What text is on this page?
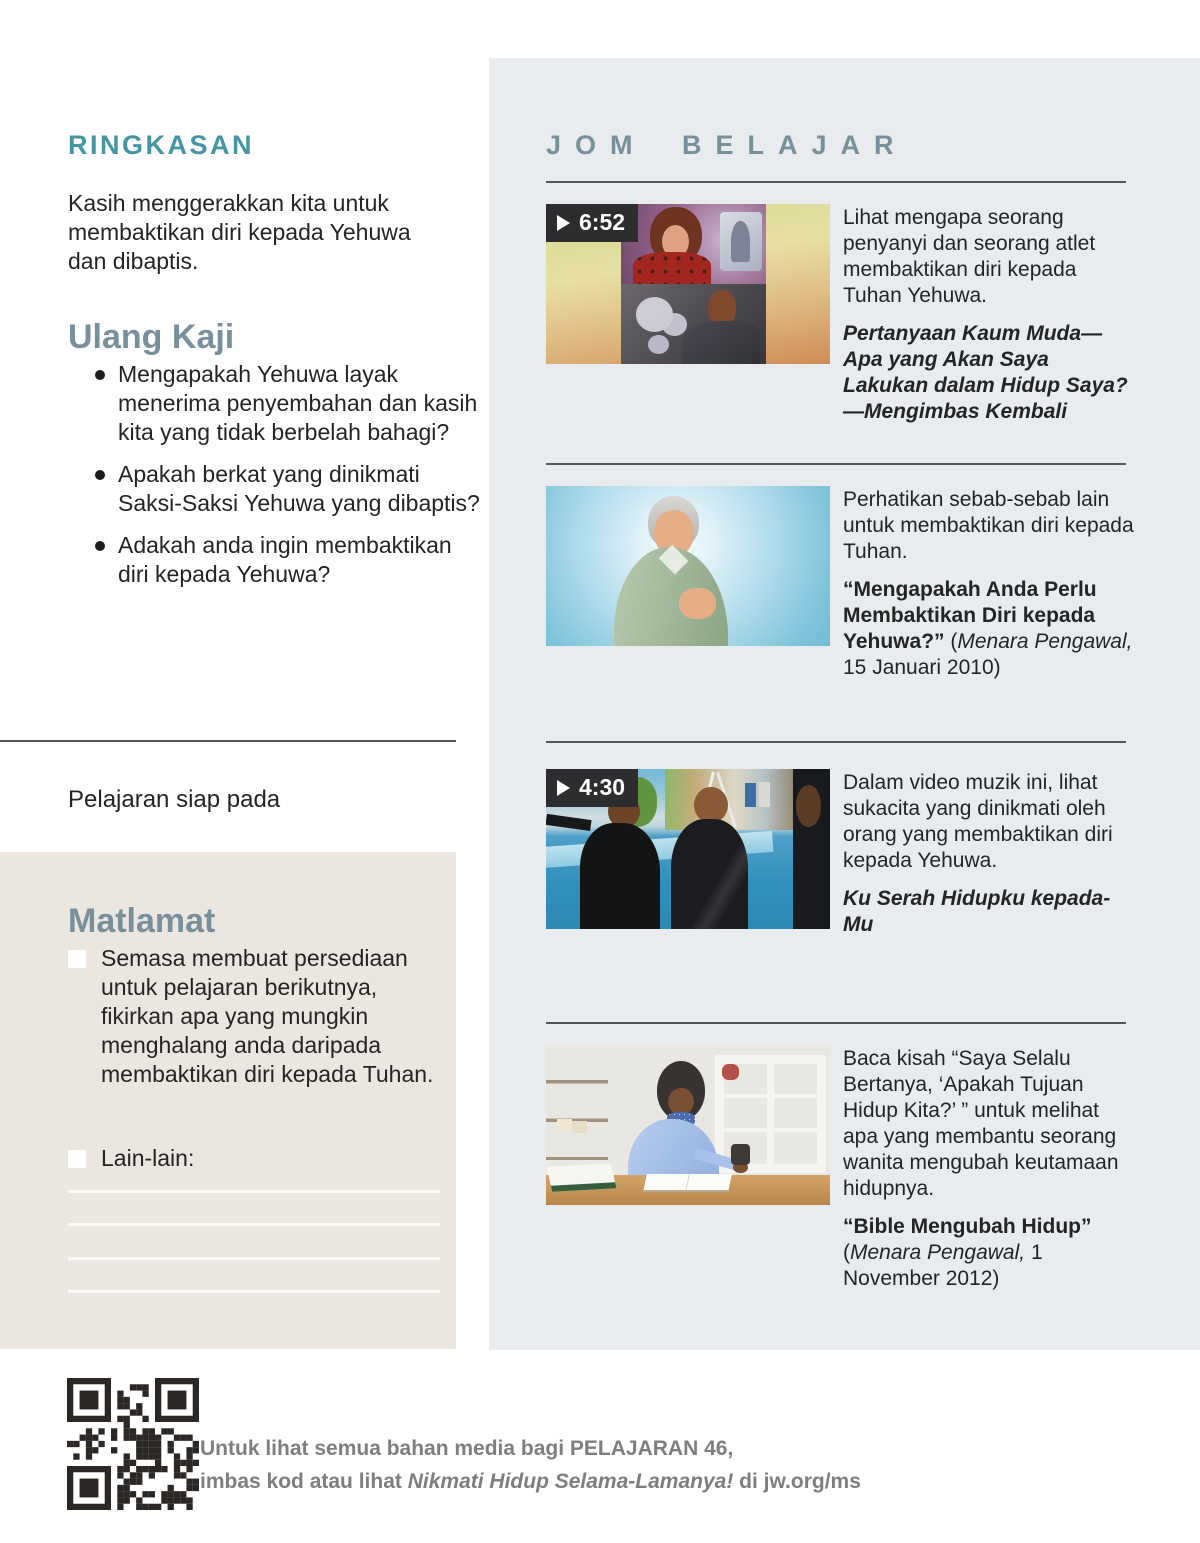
RINGKASAN

Kasih menggerakkan kita untuk membaktikan diri kepada Yehuwa dan dibaptis.

Ulang Kaji
Mengapakah Yehuwa layak menerima penyembahan dan kasih kita yang tidak berbelah bahagi?
Apakah berkat yang dinikmati Saksi-Saksi Yehuwa yang dibaptis?
Adakah anda ingin membaktikan diri kepada Yehuwa?

Pelajaran siap pada

Matlamat
Semasa membuat persediaan untuk pelajaran berikutnya, fikirkan apa yang mungkin menghalang anda daripada membaktikan diri kepada Tuhan.
Lain-lain:
JOM BELAJAR
6:52	Lihat mengapa seorang penyanyi dan seorang atlet membaktikan diri kepada Tuhan Yehuwa.

Pertanyaan Kaum Muda—Apa yang Akan Saya Lakukan dalam Hidup Saya? —Mengimbas Kembali

Perhatikan sebab-sebab lain untuk membaktikan diri kepada Tuhan.

“Mengapakah Anda Perlu Membaktikan Diri kepada Yehuwa?” (Menara Pengawal, 15 Januari 2010)

4:30	Dalam video muzik ini, lihat sukacita yang dinikmati oleh orang yang membaktikan diri kepada Yehuwa.

Ku Serah Hidupku kepada-Mu

Baca kisah “Saya Selalu Bertanya, ‘Apakah Tujuan Hidup Kita?’ ” untuk melihat apa yang membantu seorang wanita mengubah keutamaan hidupnya.

“Bible Mengubah Hidup” (Menara Pengawal, 1 November 2012)

Untuk lihat semua bahan media bagi PELAJARAN 46,

imbas kod atau lihat Nikmati Hidup Selama-Lamanya! di jw.org/ms
